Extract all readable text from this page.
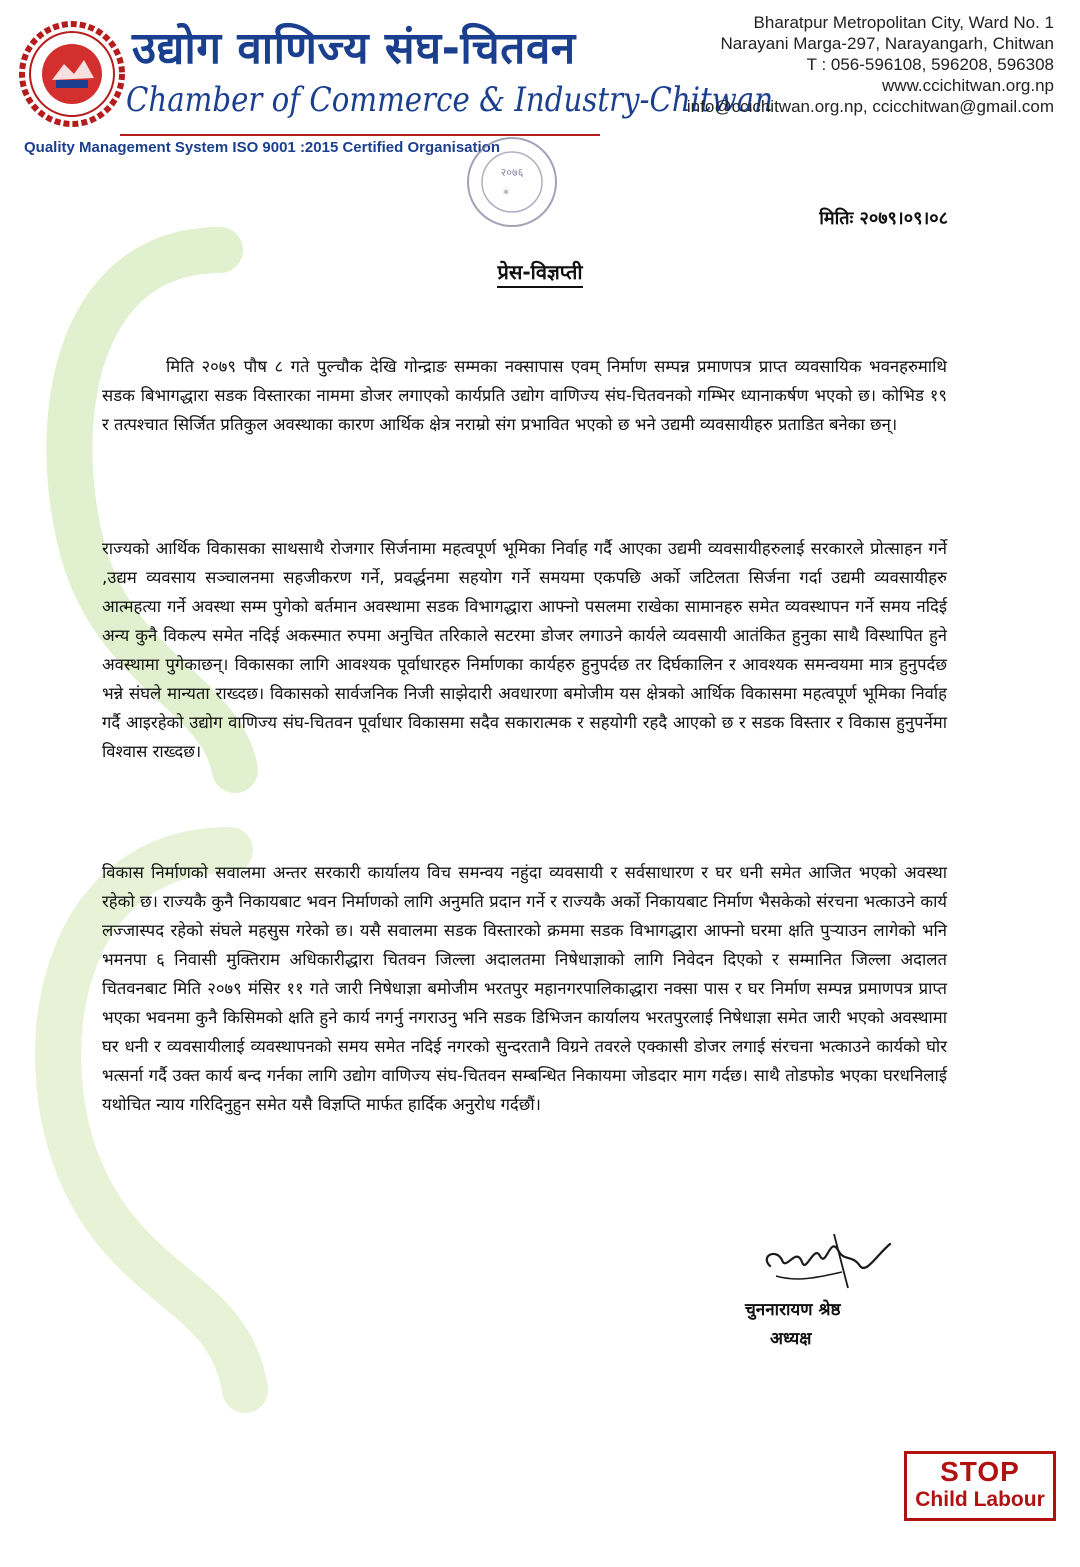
उद्योग वाणिज्य संघ-चितवन
Chamber of Commerce & Industry-Chitwan
Quality Management System ISO 9001 :2015 Certified Organisation
Bharatpur Metropolitan City, Ward No. 1
Narayani Marga-297, Narayangarh, Chitwan
T : 056-596108, 596208, 596308
www.ccichitwan.org.np
info@ccichitwan.org.np, ccicchitwan@gmail.com
२०७६
*
मितिः २०७९।०९।०८
प्रेस-विज्ञप्ती
मिति २०७९ पौष ८ गते पुल्चौक देखि गोन्द्राङ सम्मका नक्सापास एवम् निर्माण सम्पन्न प्रमाणपत्र प्राप्त व्यवसायिक भवनहरुमाथि सडक बिभागद्धारा सडक विस्तारका नाममा डोजर लगाएको कार्यप्रति उद्योग वाणिज्य संघ-चितवनको गम्भिर ध्यानाकर्षण भएको छ। कोभिड १९ र तत्पश्चात सिर्जित प्रतिकुल अवस्थाका कारण आर्थिक क्षेत्र नराम्रो संग प्रभावित भएको छ भने उद्यमी व्यवसायीहरु प्रताडित बनेका छन्।
राज्यको आर्थिक विकासका साथसाथै रोजगार सिर्जनामा महत्वपूर्ण भूमिका निर्वाह गर्दै आएका उद्यमी व्यवसायीहरुलाई सरकारले प्रोत्साहन गर्ने ,उद्यम व्यवसाय सञ्चालनमा सहजीकरण गर्ने, प्रवर्द्धनमा सहयोग गर्ने समयमा एकपछि अर्को जटिलता सिर्जना गर्दा उद्यमी व्यवसायीहरु आत्महत्या गर्ने अवस्था सम्म पुगेको बर्तमान अवस्थामा सडक विभागद्धारा आफ्नो पसलमा राखेका सामानहरु समेत व्यवस्थापन गर्ने समय नदिई अन्य कुनै विकल्प समेत नदिई अकस्मात रुपमा अनुचित तरिकाले सटरमा डोजर लगाउने कार्यले व्यवसायी आतंकित हुनुका साथै विस्थापित हुने अवस्थामा पुगेकाछन्। विकासका लागि आवश्यक पूर्वाधारहरु निर्माणका कार्यहरु हुनुपर्दछ तर दिर्घकालिन र आवश्यक समन्वयमा मात्र हुनुपर्दछ भन्ने संघले मान्यता राख्दछ। विकासको सार्वजनिक निजी साझेदारी अवधारणा बमोजीम यस क्षेत्रको आर्थिक विकासमा महत्वपूर्ण भूमिका निर्वाह गर्दै आइरहेको उद्योग वाणिज्य संघ-चितवन पूर्वाधार विकासमा सदैव सकारात्मक र सहयोगी रहदै आएको छ र सडक विस्तार र विकास हुनुपर्नेमा विश्वास राख्दछ।
विकास निर्माणको सवालमा अन्तर सरकारी कार्यालय विच समन्वय नहुंदा व्यवसायी र सर्वसाधारण र घर धनी समेत आजित भएको अवस्था रहेको छ। राज्यकै कुनै निकायबाट भवन निर्माणको लागि अनुमति प्रदान गर्ने र राज्यकै अर्को निकायबाट निर्माण भैसकेको संरचना भत्काउने कार्य लज्जास्पद रहेको संघले महसुस गरेको छ। यसै सवालमा सडक विस्तारको क्रममा सडक विभागद्धारा आफ्नो घरमा क्षति पुऱ्याउन लागेको भनि भमनपा ६ निवासी मुक्तिराम अधिकारीद्धारा चितवन जिल्ला अदालतमा निषेधाज्ञाको लागि निवेदन दिएको र सम्मानित जिल्ला अदालत चितवनबाट मिति २०७९ मंसिर ११ गते जारी निषेधाज्ञा बमोजीम भरतपुर महानगरपालिकाद्धारा नक्सा पास र घर निर्माण सम्पन्न प्रमाणपत्र प्राप्त भएका भवनमा कुनै किसिमको क्षति हुने कार्य नगर्नु नगराउनु भनि सडक डिभिजन कार्यालय भरतपुरलाई निषेधाज्ञा समेत जारी भएको अवस्थामा घर धनी र व्यवसायीलाई व्यवस्थापनको समय समेत नदिई नगरको सुन्दरतानै विग्रने तवरले एक्कासी डोजर लगाई संरचना भत्काउने कार्यको घोर भत्सर्ना गर्दै उक्त कार्य बन्द गर्नका लागि उद्योग वाणिज्य संघ-चितवन सम्बन्धित निकायमा जोडदार माग गर्दछ। साथै तोडफोड भएका घरधनिलाई यथोचित न्याय गरिदिनुहुन समेत यसै विज्ञप्ति मार्फत हार्दिक अनुरोध गर्दछौं।
चुननारायण श्रेष्ठ
अध्यक्ष
STOP
Child Labour
